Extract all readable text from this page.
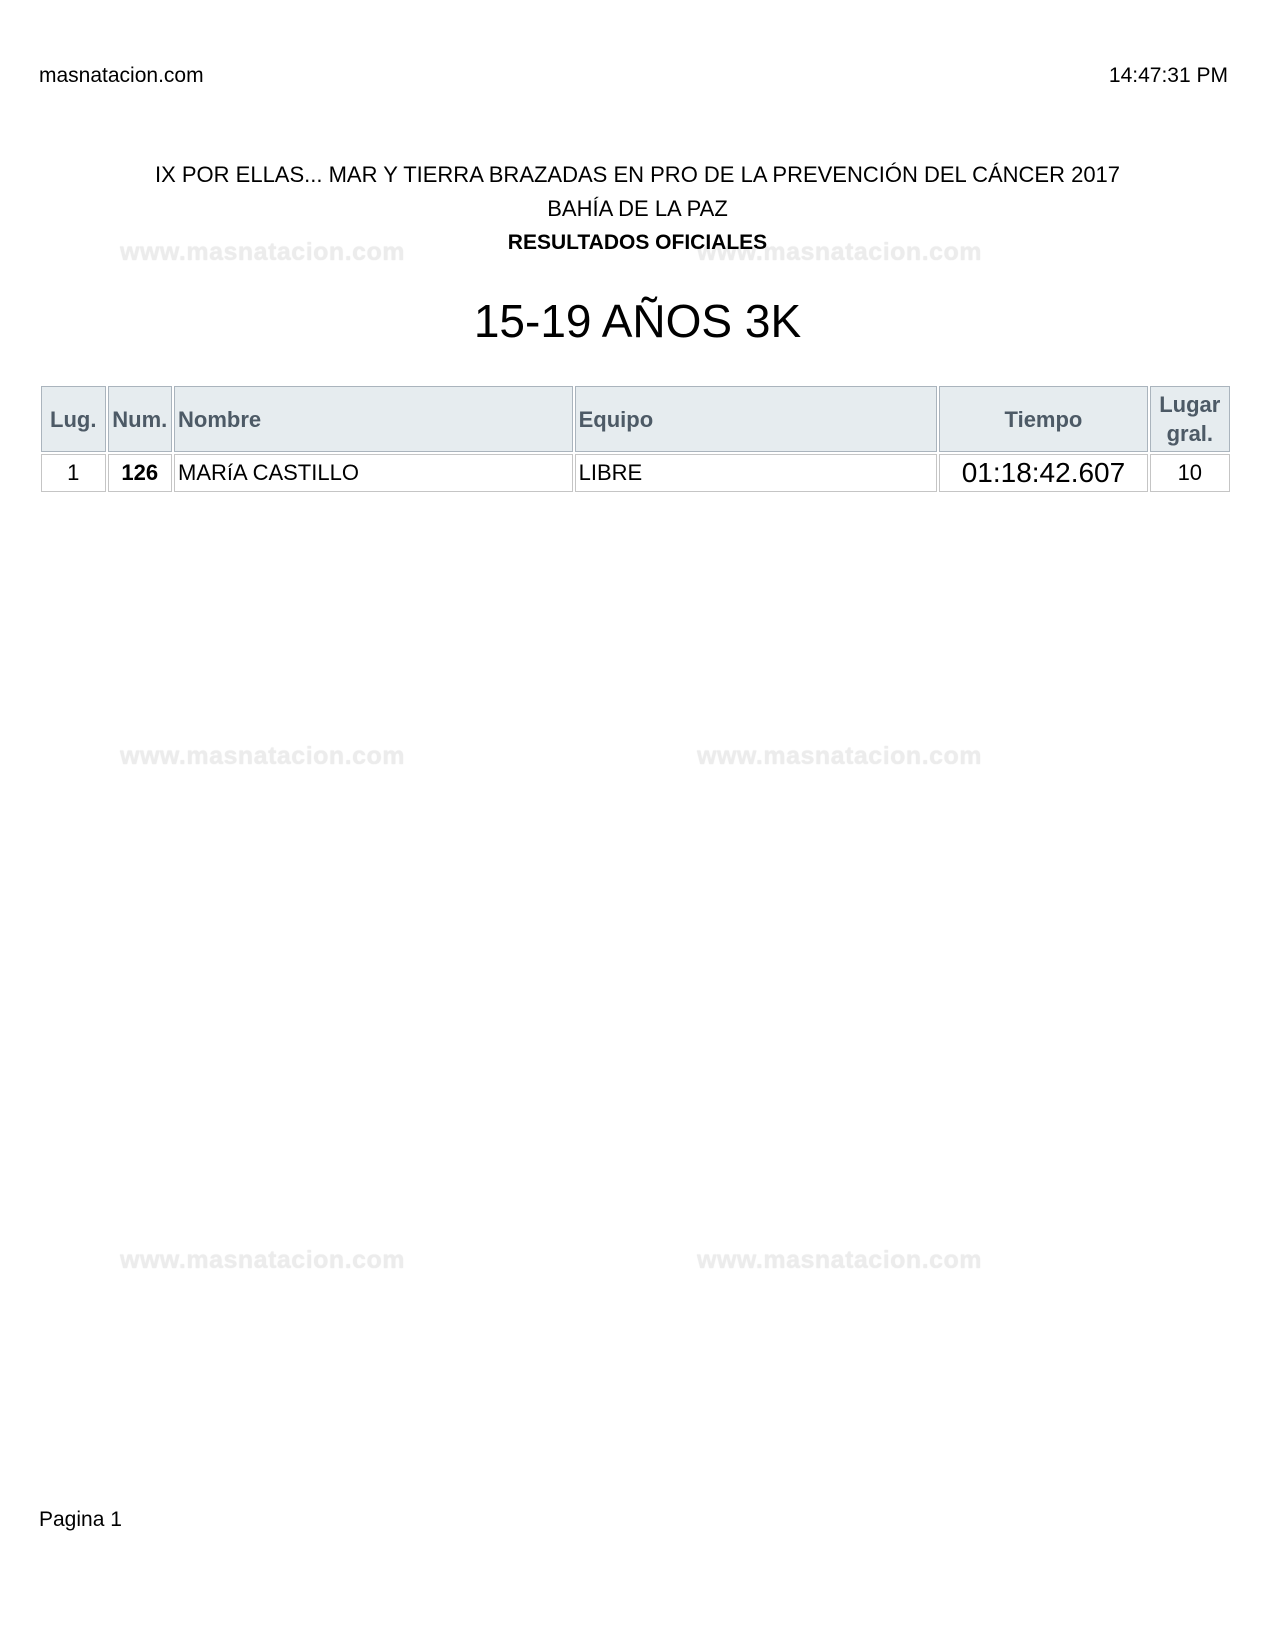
masnatacion.com	14:47:31 PM
www.masnatacion.com	www.masnatacion.com
www.masnatacion.com	www.masnatacion.com
www.masnatacion.com	www.masnatacion.com
IX POR ELLAS... MAR Y TIERRA BRAZADAS EN PRO DE LA PREVENCIÓN DEL CÁNCER 2017
BAHÍA DE LA PAZ
RESULTADOS OFICIALES
15-19 AÑOS 3K
Lug.	Num.	Nombre	Equipo	Tiempo	Lugar gral.
1	126	MARíA CASTILLO	LIBRE	01:18:42.607	10
Pagina 1
